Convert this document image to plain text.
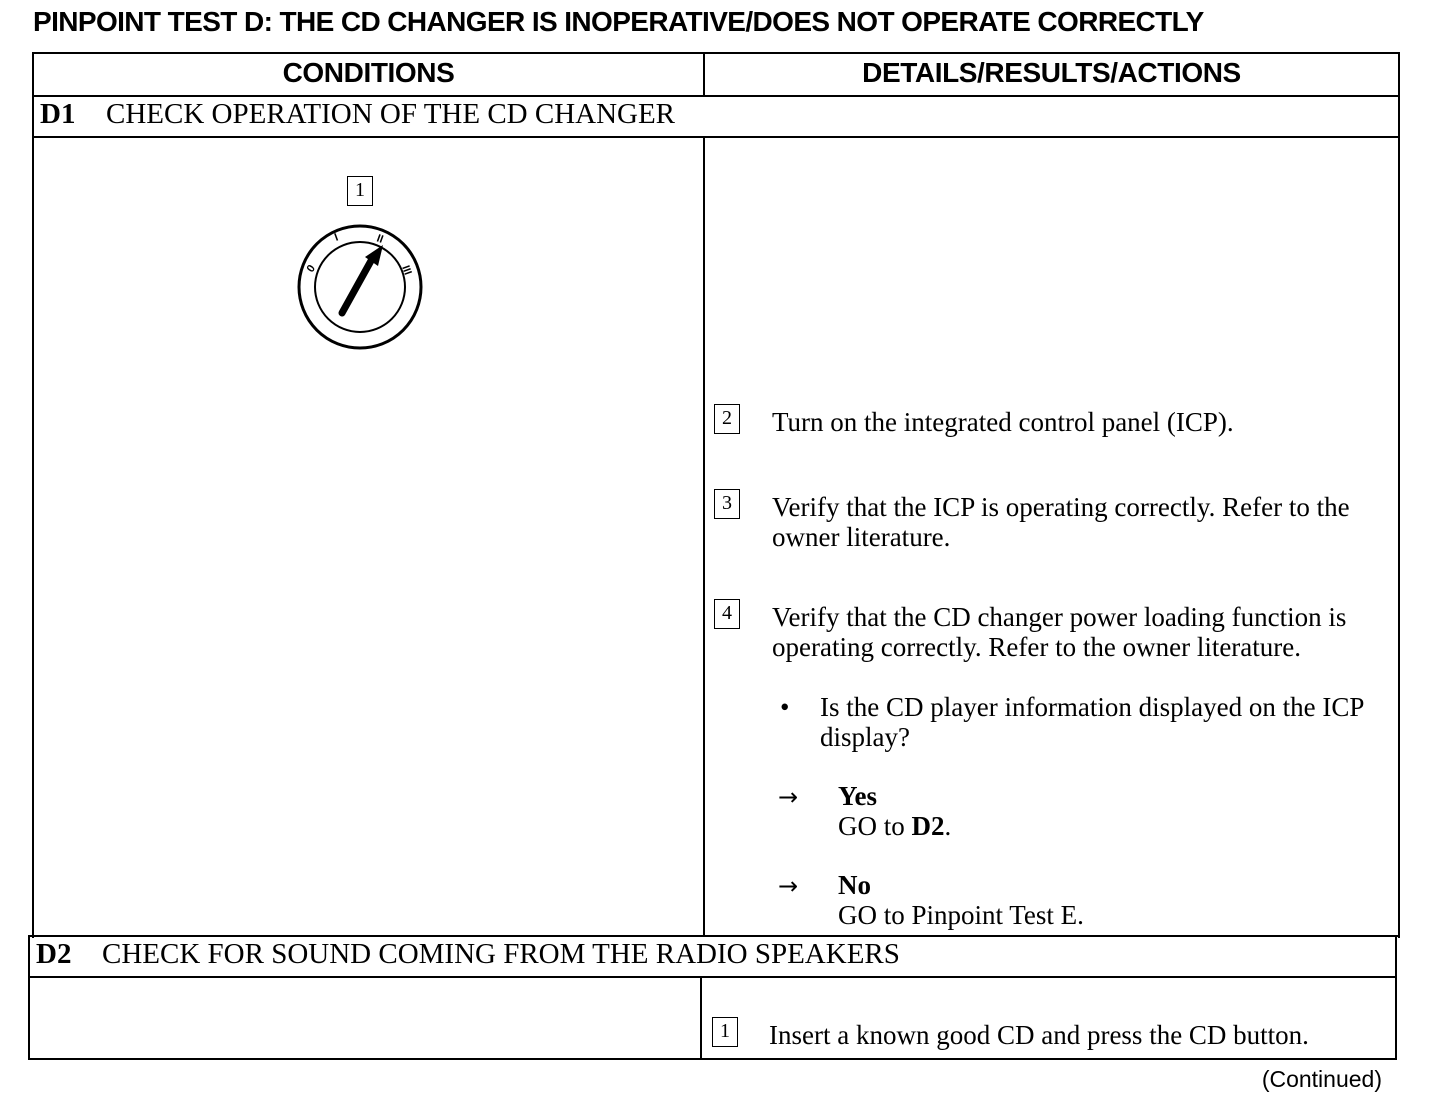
PINPOINT TEST D: THE CD CHANGER IS INOPERATIVE/DOES NOT OPERATE CORRECTLY
CONDITIONS	DETAILS/RESULTS/ACTIONS
D1 CHECK OPERATION OF THE CD CHANGER
1
0
I	II
III
2 Turn on the integrated control panel (ICP).
3 Verify that the ICP is operating correctly. Refer to the owner literature.
4 Verify that the CD changer power loading function is operating correctly. Refer to the owner literature.
• Is the CD player information displayed on the ICP display?
→ Yes
GO to D2.
→ No
GO to Pinpoint Test E.
D2 CHECK FOR SOUND COMING FROM THE RADIO SPEAKERS
1 Insert a known good CD and press the CD button.
(Continued)
